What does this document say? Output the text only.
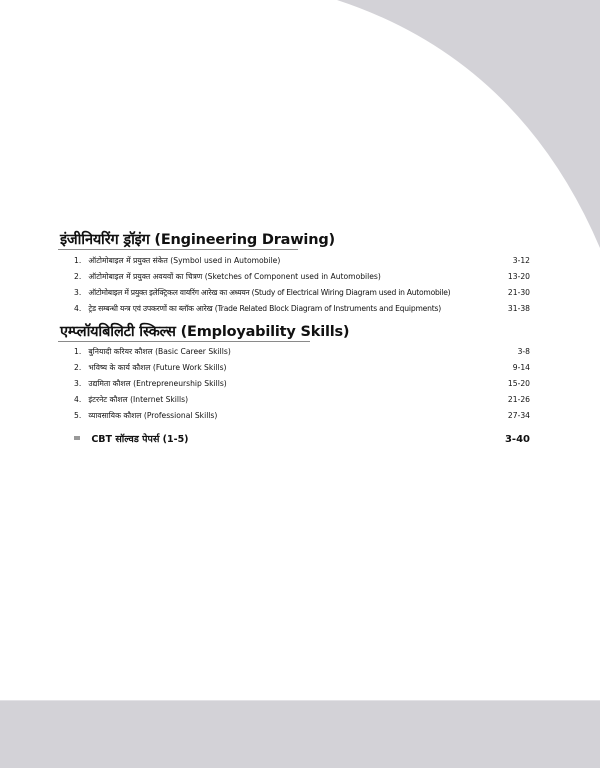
इंजीनियरिंग ड्रॉइंग (Engineering Drawing)
1. ऑटोमोबाइल में प्रयुक्त संकेत (Symbol used in Automobile)	3-12
2. ऑटोमोबाइल में प्रयुक्त अवयवों का चित्रण (Sketches of Component used in Automobiles)	13-20
3. ऑटोमोबाइल में प्रयुक्त इलेक्ट्रिकल वायरिंग आरेख का अध्ययन (Study of Electrical Wiring Diagram used in Automobile)	21-30
4. ट्रेड सम्बन्धी यन्त्र एवं उपकरणों का ब्लॉक आरेख (Trade Related Block Diagram of Instruments and Equipments)	31-38
एम्प्लॉयबिलिटी स्किल्स (Employability Skills)
1. बुनियादी करियर कौशल (Basic Career Skills)	3-8
2. भविष्य के कार्य कौशल (Future Work Skills)	9-14
3. उद्यमिता कौशल (Entrepreneurship Skills)	15-20
4. इंटरनेट कौशल (Internet Skills)	21-26
5. व्यावसायिक कौशल (Professional Skills)	27-34
CBT सॉल्वड पेपर्स (1-5)	3-40
